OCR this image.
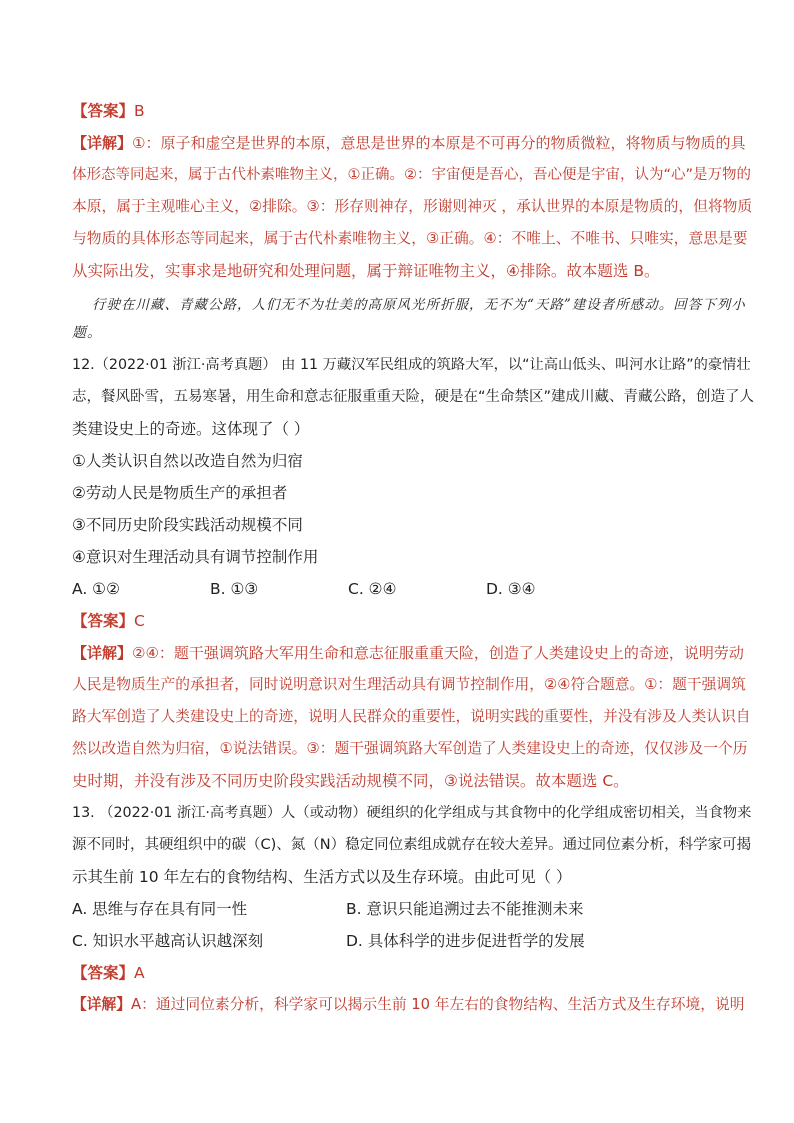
【答案】B
【详解】①：原子和虚空是世界的本原，意思是世界的本原是不可再分的物质微粒，将物质与物质的具
体形态等同起来，属于古代朴素唯物主义，①正确。②：宇宙便是吾心，吾心便是宇宙，认为“心”是万物的
本原，属于主观唯心主义，②排除。③：形存则神存，形谢则神灭 ，承认世界的本原是物质的，但将物质
与物质的具体形态等同起来，属于古代朴素唯物主义，③正确。④：不唯上、不唯书、只唯实，意思是要
从实际出发，实事求是地研究和处理问题，属于辩证唯物主义，④排除。故本题选 B。
行驶在川藏、青藏公路，人们无不为壮美的高原风光所折服，无不为“天路”建设者所感动。回答下列小
题。
12.（2022·01 浙江·高考真题） 由 11 万藏汉军民组成的筑路大军，以“让高山低头、叫河水让路”的豪情壮
志，餐风卧雪，五易寒暑，用生命和意志征服重重天险，硬是在“生命禁区”建成川藏、青藏公路，创造了人
类建设史上的奇迹。这体现了（ ）
①人类认识自然以改造自然为归宿
②劳动人民是物质生产的承担者
③不同历史阶段实践活动规模不同
④意识对生理活动具有调节控制作用
A. ①②	B. ①③	C. ②④	D. ③④
【答案】C
【详解】②④：题干强调筑路大军用生命和意志征服重重天险，创造了人类建设史上的奇迹，说明劳动
人民是物质生产的承担者，同时说明意识对生理活动具有调节控制作用，②④符合题意。①：题干强调筑
路大军创造了人类建设史上的奇迹，说明人民群众的重要性，说明实践的重要性，并没有涉及人类认识自
然以改造自然为归宿，①说法错误。③：题干强调筑路大军创造了人类建设史上的奇迹，仅仅涉及一个历
史时期，并没有涉及不同历史阶段实践活动规模不同，③说法错误。故本题选 C。
13. （2022·01 浙江·高考真题）人（或动物）硬组织的化学组成与其食物中的化学组成密切相关，当食物来
源不同时，其硬组织中的碳（C)、氮（N）稳定同位素组成就存在较大差异。通过同位素分析，科学家可揭
示其生前 10 年左右的食物结构、生活方式以及生存环境。由此可见（ ）
A. 思维与存在具有同一性	B. 意识只能追溯过去不能推测未来
C. 知识水平越高认识越深刻	D. 具体科学的进步促进哲学的发展
【答案】A
【详解】A：通过同位素分析，科学家可以揭示生前 10 年左右的食物结构、生活方式及生存环境，说明
